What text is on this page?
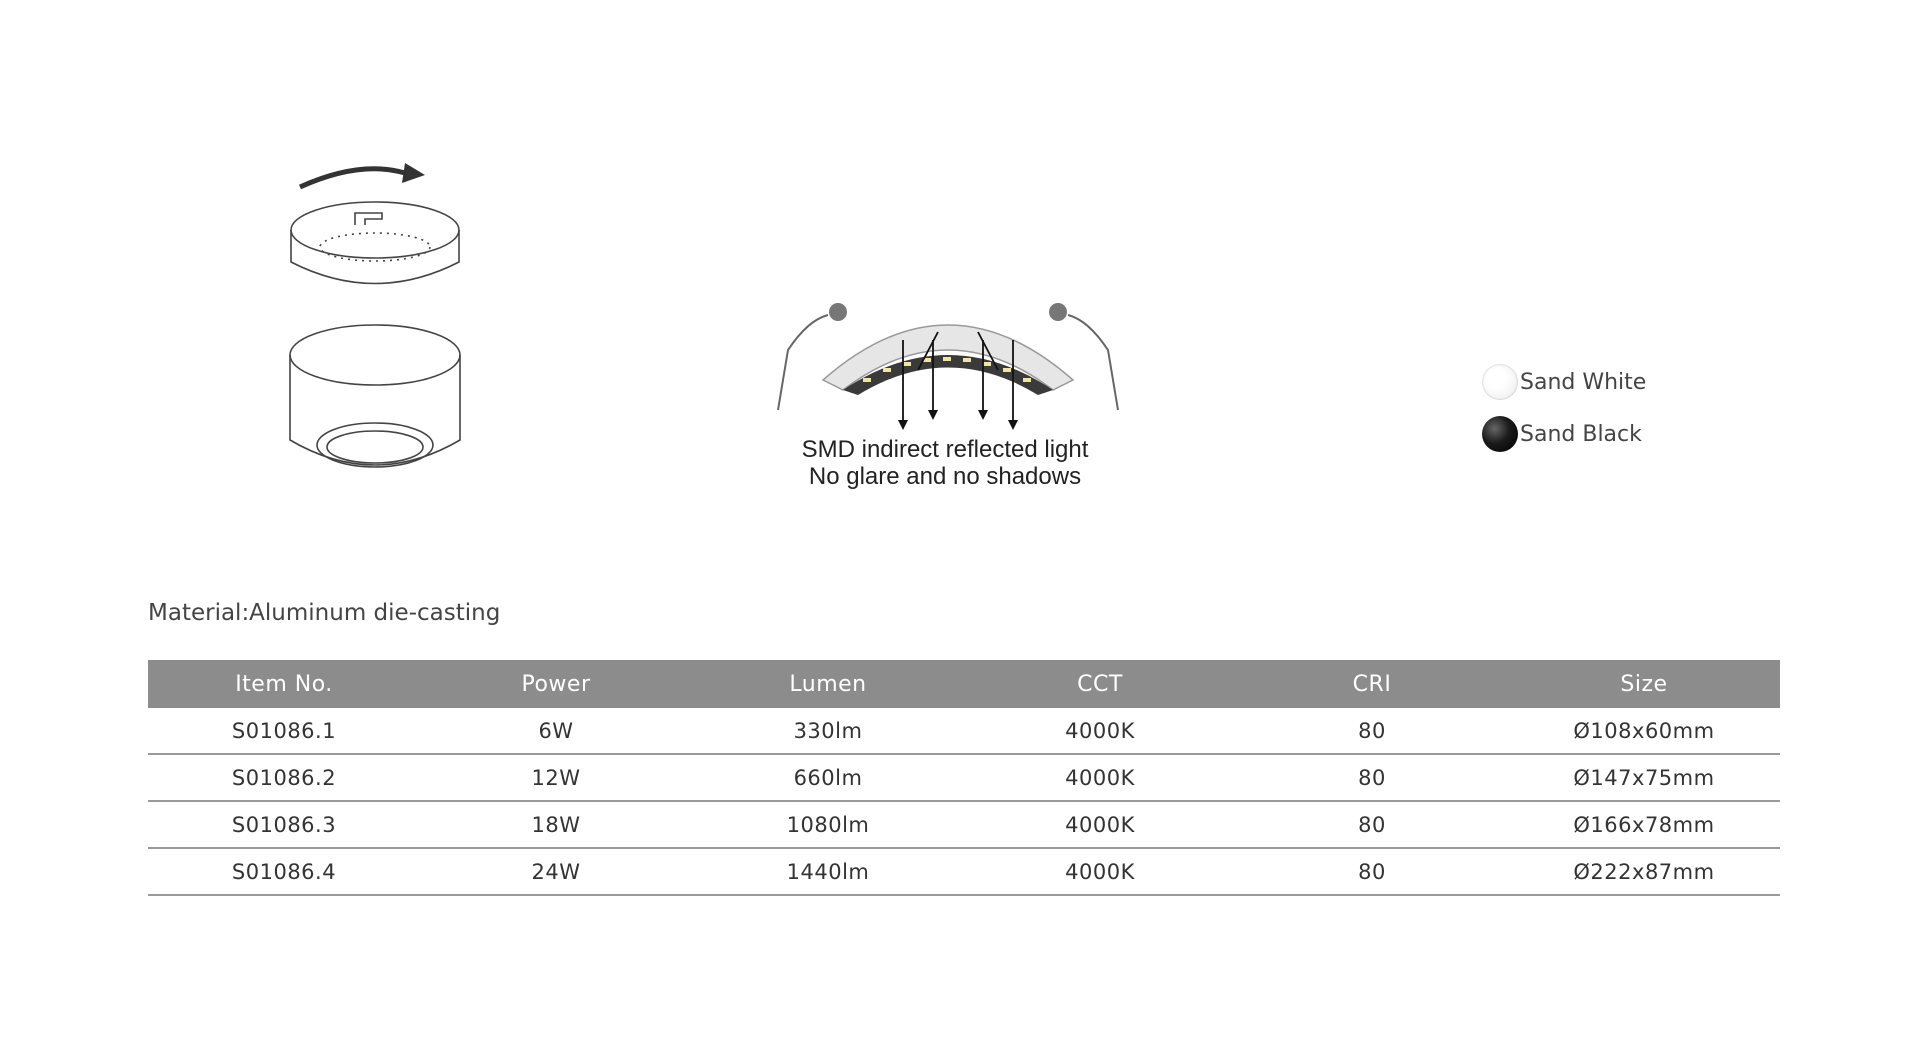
SMD indirect reflected light
No glare and no shadows
Sand White
Sand Black
Material:Aluminum die-casting
Item No.	Power	Lumen	CCT	CRI	Size
S01086.1	6W	330lm	4000K	80	Ø108x60mm
S01086.2	12W	660lm	4000K	80	Ø147x75mm
S01086.3	18W	1080lm	4000K	80	Ø166x78mm
S01086.4	24W	1440lm	4000K	80	Ø222x87mm
